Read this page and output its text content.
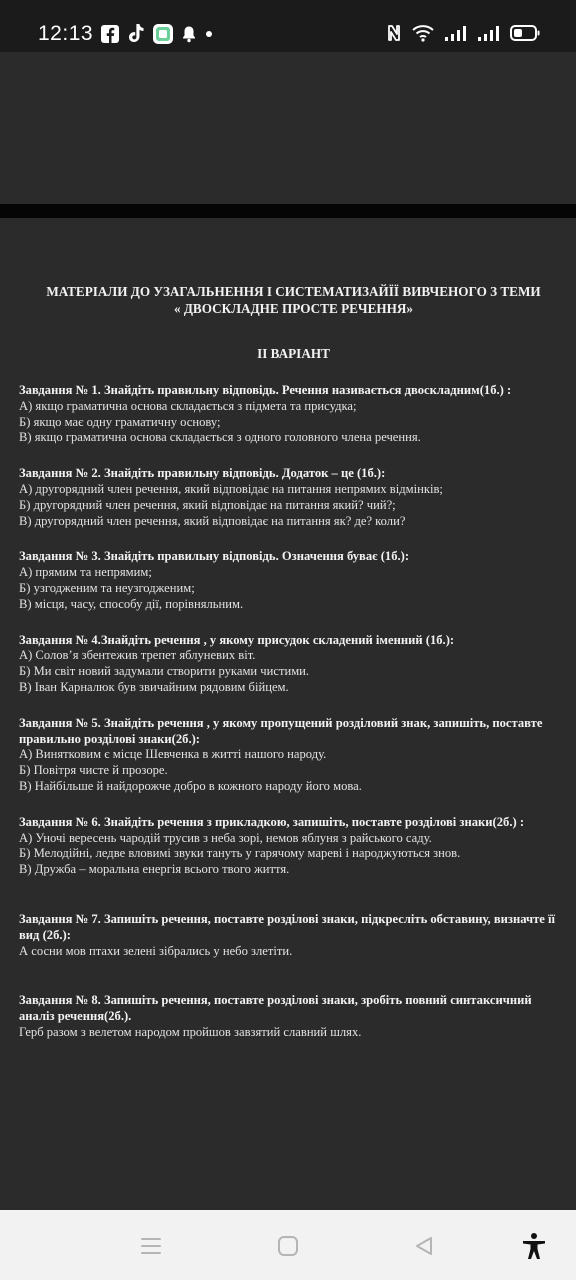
12:13
МАТЕРІАЛИ ДО УЗАГАЛЬНЕННЯ І СИСТЕМАТИЗАЙЇЇ ВИВЧЕНОГО З ТЕМИ
« ДВОСКЛАДНЕ ПРОСТЕ РЕЧЕННЯ»
ІІ ВАРІАНТ
Завдання № 1. Знайдіть правильну відповідь. Речення називається двоскладним(1б.) :
А) якщо граматична основа складається з підмета та присудка;
Б) якщо має одну граматичну основу;
В) якщо граматична основа складається з одного головного члена речення.
Завдання № 2. Знайдіть правильну відповідь. Додаток – це (1б.):
А) другорядний член речення, який відповідає на питання непрямих відмінків;
Б) другорядний член речення, який відповідає на питання який? чий?;
В) другорядний член речення, який відповідає на питання як? де? коли?
Завдання № 3. Знайдіть правильну відповідь. Означення буває (1б.):
А) прямим та непрямим;
Б) узгодженим та неузгодженим;
В) місця, часу, способу дії, порівняльним.
Завдання № 4.Знайдіть речення , у якому присудок складений іменний (1б.):
А) Солов’я збентежив трепет яблуневих віт.
Б) Ми світ новий задумали створити руками чистими.
В) Іван Карналюк був звичайним рядовим бійцем.
Завдання № 5. Знайдіть речення , у якому пропущений розділовий знак, запишіть, поставте правильно розділові знаки(2б.):
А) Винятковим є місце Шевченка в житті нашого народу.
Б) Повітря чисте й прозоре.
В) Найбільше й найдорожче добро в кожного народу його мова.
Завдання № 6. Знайдіть речення з прикладкою, запишіть, поставте розділові знаки(2б.) :
А) Уночі вересень чародій трусив з неба зорі, немов яблуня з райського саду.
Б) Мелодійні, ледве вловимі звуки тануть у гарячому мареві і народжуються знов.
В) Дружба – моральна енергія всього твого життя.
Завдання № 7. Запишіть речення, поставте розділові знаки, підкресліть обставину, визначте її вид (2б.):
А сосни мов птахи зелені зібрались у небо злетіти.
Завдання № 8. Запишіть речення, поставте розділові знаки, зробіть повний синтаксичний аналіз речення(2б.).
Герб разом з велетом народом пройшов завзятий славний шлях.
